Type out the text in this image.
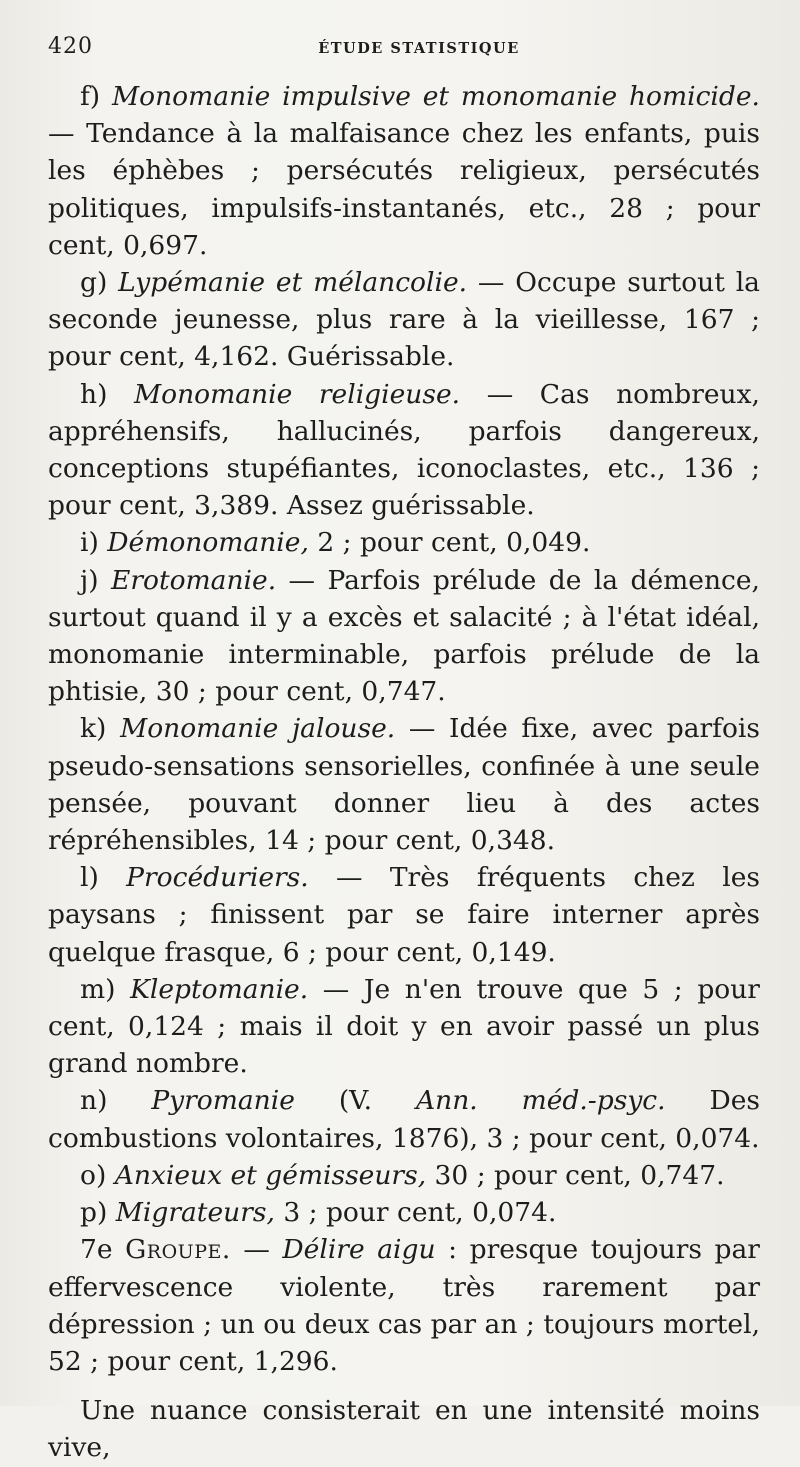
420	ÉTUDE STATISTIQUE

f) Monomanie impulsive et monomanie homicide. — Tendance à la malfaisance chez les enfants, puis les éphèbes ; persécutés religieux, persécutés politiques, impulsifs-instantanés, etc., 28 ; pour cent, 0,697.

g) Lypémanie et mélancolie. — Occupe surtout la seconde jeunesse, plus rare à la vieillesse, 167 ; pour cent, 4,162. Guérissable.

h) Monomanie religieuse. — Cas nombreux, appréhensifs, hallucinés, parfois dangereux, conceptions stupéfiantes, iconoclastes, etc., 136 ; pour cent, 3,389. Assez guérissable.

i) Démonomanie, 2 ; pour cent, 0,049.

j) Erotomanie. — Parfois prélude de la démence, surtout quand il y a excès et salacité ; à l'état idéal, monomanie interminable, parfois prélude de la phtisie, 30 ; pour cent, 0,747.

k) Monomanie jalouse. — Idée fixe, avec parfois pseudo-sensations sensorielles, confinée à une seule pensée, pouvant donner lieu à des actes répréhensibles, 14 ; pour cent, 0,348.

l) Procéduriers. — Très fréquents chez les paysans ; finissent par se faire interner après quelque frasque, 6 ; pour cent, 0,149.

m) Kleptomanie. — Je n'en trouve que 5 ; pour cent, 0,124 ; mais il doit y en avoir passé un plus grand nombre.

n) Pyromanie (V. Ann. méd.-psyc. Des combustions volontaires, 1876), 3 ; pour cent, 0,074.

o) Anxieux et gémisseurs, 30 ; pour cent, 0,747.

p) Migrateurs, 3 ; pour cent, 0,074.

7e Groupe. — Délire aigu : presque toujours par effervescence violente, très rarement par dépression ; un ou deux cas par an ; toujours mortel, 52 ; pour cent, 1,296.

Une nuance consisterait en une intensité moins vive,
